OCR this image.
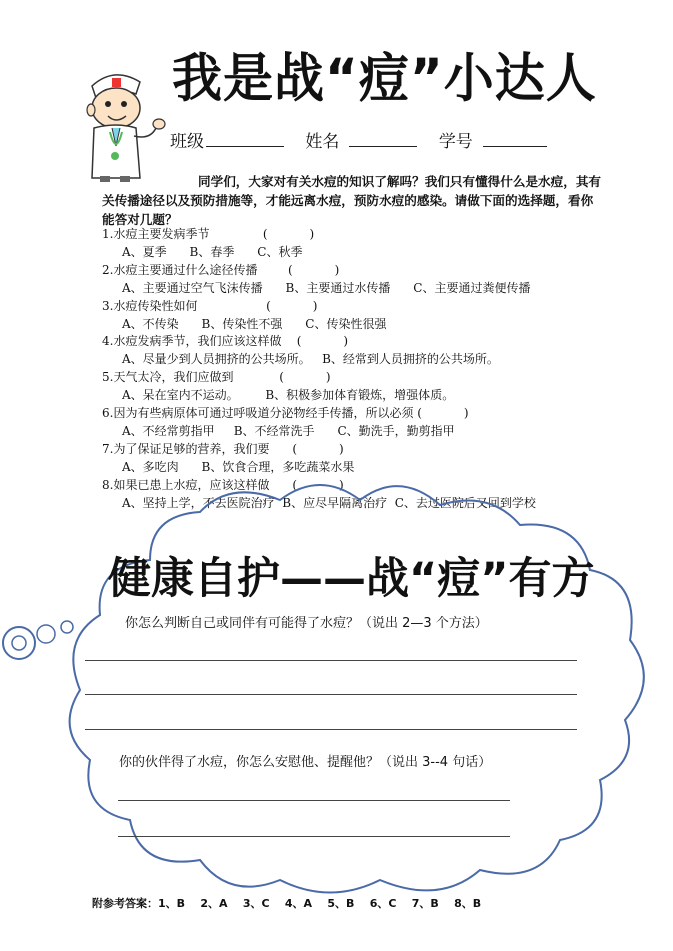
我是战“痘”小达人
班级	姓名	学号
同学们，大家对有关水痘的知识了解吗？我们只有懂得什么是水痘，其有关传播途径以及预防措施等，才能远离水痘，预防水痘的感染。请做下面的选择题，看你能答对几题？
1.水痘主要发病季节              (           )
A、夏季      B、春季      C、秋季
2.水痘主要通过什么途径传播        (           )
A、主要通过空气飞沫传播      B、主要通过水传播      C、主要通过粪便传播
3.水痘传染性如何                  (           )
A、不传染      B、传染性不强      C、传染性很强
4.水痘发病季节，我们应该这样做    (           )
A、尽量少到人员拥挤的公共场所。   B、经常到人员拥挤的公共场所。
5.天气太冷，我们应做到            (           )
A、呆在室内不运动。       B、积极参加体育锻炼，增强体质。
6.因为有些病原体可通过呼吸道分泌物经手传播，所以必须 (           )
A、不经常剪指甲     B、不经常洗手      C、勤洗手，勤剪指甲
7.为了保证足够的营养，我们要      (           )
A、多吃肉      B、饮食合理，多吃蔬菜水果
8.如果已患上水痘，应该这样做      (           )
A、坚持上学，不去医院治疗  B、应尽早隔离治疗  C、去过医院后又回到学校
健康自护——战“痘”有方
你怎么判断自己或同伴有可能得了水痘？（说出 2—3 个方法）
你的伙伴得了水痘，你怎么安慰他、提醒他？（说出 3--4 句话）
附参考答案：1、B    2、A    3、C    4、A    5、B    6、C    7、B    8、B
